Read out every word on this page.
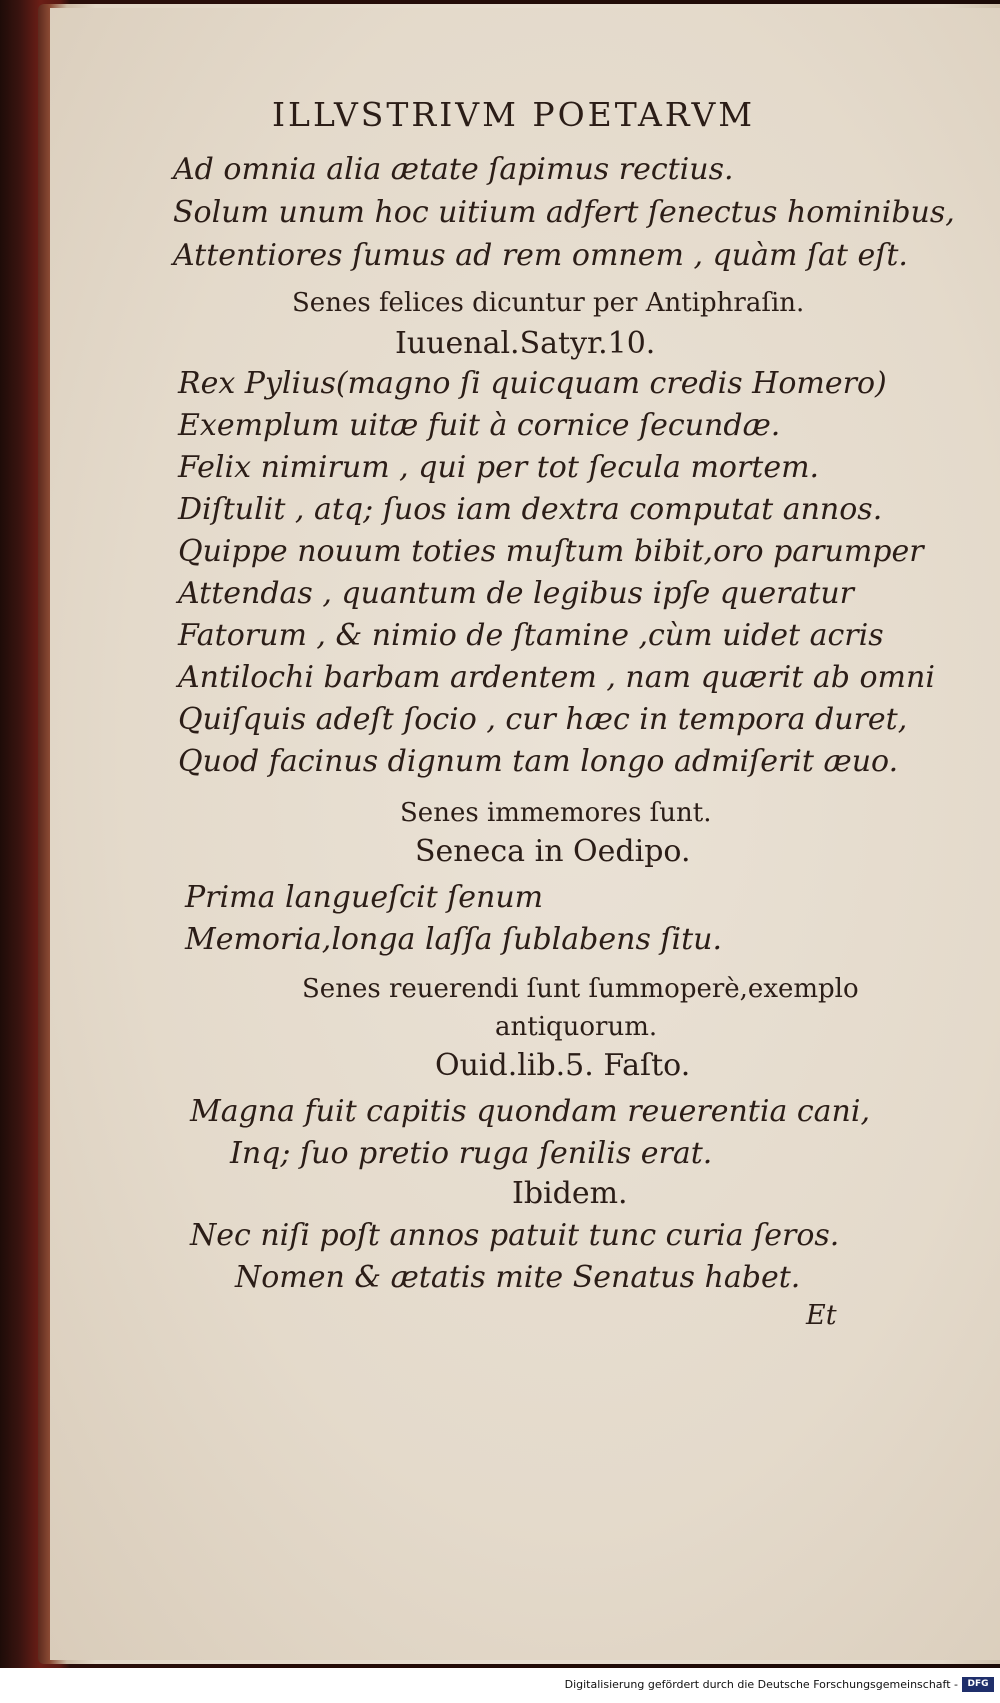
ILLVSTRIVM POETARVM

Ad omnia alia ætate ſapimus rectius.

Solum unum hoc uitium adfert ſenectus hominibus,

Attentiores ſumus ad rem omnem , quàm ſat eſt.

Senes felices dicuntur per Antiphraſin.

Iuuenal.Satyr.10.

Rex Pylius(magno ſi quicquam credis Homero)

Exemplum uitæ fuit à cornice ſecundæ.

Felix nimirum , qui per tot ſecula mortem.

Diſtulit , atq; ſuos iam dextra computat annos.

Quippe nouum toties muſtum bibit,oro parumper

Attendas , quantum de legibus ipſe queratur

Fatorum , & nimio de ſtamine ,cùm uidet acris

Antilochi barbam ardentem , nam quærit ab omni

Quiſquis adeſt ſocio , cur hæc in tempora duret,

Quod facinus dignum tam longo admiſerit æuo.

Senes immemores ſunt.

Seneca in Oedipo.

Prima langueſcit ſenum

Memoria,longa laſſa ſublabens ſitu.

Senes reuerendi ſunt ſummoperè,exemplo

antiquorum.

Ouid.lib.5. Faſto.

Magna fuit capitis quondam reuerentia cani,

Inq; ſuo pretio ruga ſenilis erat.

Ibidem.

Nec niſi poſt annos patuit tunc curia ſeros.

Nomen & ætatis mite Senatus habet.

Et

Digitalisierung gefördert durch die Deutsche Forschungsgemeinschaft -	DFG
